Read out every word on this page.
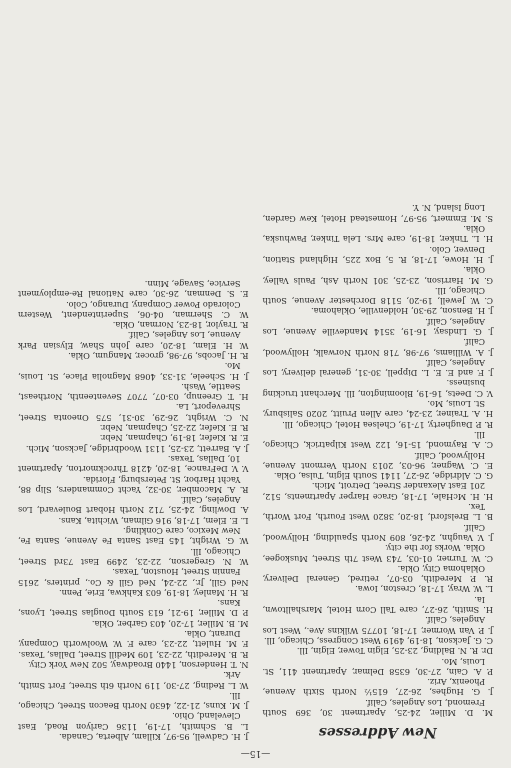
—15—
New Addresses

M. D. Miller, 24-25, Apartment 30, 369 South Fremond, Los Angeles, Calif.

J. G. Hughes, 26-27, 615½ North Sixth Avenue, Phoenix, Ariz.

P. A. Cain, 27-30, 6358 Delmar, Apartment 411, St. Louis, Mo.

Dr. R. N. Balding, 23-25, Elgin Tower, Elgin, Ill.

C. G. Jackson, 18-19, 4919 West Congress, Chicago, Ill.

J. P. Van Wormer, 17-18, 10775 Wilkins Ave., West Los Angeles, Calif.

H. Smith, 26-27, care Tall Corn Hotel, Marshalltown, Ia.

L. W. Wray, 17-18, Creston, Iowa.

R. P. Meredith, 03-07, retired, General Delivery, Oklahoma City, Okla.

C. W. Turner, 01-03, 743 West 7th Street, Muskogee, Okla. Works for the city.

J. V. Vaughn, 24-26, 809 North Spaulding, Hollywood, Calif.

B. L. Brelsford, 18-20, 3820 West Fourth, Fort Worth, Tex.

H. H. McHale, 17-18, Grace Harper Apartments, 512, 201 East Alexander Street, Detroit, Mich.

G. C. Aldridge, 26-27, 1141 South Elgin, Tulsa, Okla.

E. C. Wagner, 96-03, 2013 North Vermont Avenue, Hollywood, Calif.

C. A. Raymond, 15-16, 122 West Kilpatrick, Chicago, Ill.

R. P. Daugherty, 17-19, Chelsea Hotel, Chicago, Ill.

H. A. Trainer, 23-24, care Allen Pruitt, 2020 Salisbury, St. Louis, Mo.

V. C. Deets, 16-19, Bloomington, Ill. Merchant trucking business.

J. F. and E. E. L. Dippell, 30-31, general delivery, Los Angeles, Calif.

J. A. Williams, 97-98, 718 North Norwalk, Hollywood, Calif.

J. G. Lindsay, 16-19, 3514 Mandeville Avenue, Los Angeles, Calif.

J. H. Benson, 29-30, Holdenville, Oklahoma.

C. W. Jewell, 19-20, 5118 Dorchester Avenue, South Chicago, Ill.

G. M. Harrison, 23-25, 301 North Ash, Pauls Valley, Okla.

J. H. Howe, 17-18, R. 5, Box 225, Highland Station, Denver, Colo.

H. L. Tinker, 18-19, care Mrs. Lela Tinker, Pawhuska, Okla.

S. M. Emmert, 95-97, Homestead Hotel, Kew Garden, Long Island, N. Y.

J. H. Cadwell, 95-97, Killam, Alberta, Canada.

L. B. Schmith, 17-19, 1136 Carlyon Road, East Cleveland, Ohio.

J. M. Kuns, 21-22, 4630 North Beacon Street, Chicago, Ill.

W. L. Reding, 27-30, 119 North 6th Street, Fort Smith, Ark.

N. T. Henderson, 1440 Broadway, 502 New York City.

R. B. Meredith, 22-23, 109 Medill Street, Dallas, Texas.

F. M. Hulett, 22-23, care F. W. Woolworth Company, Durant, Okla.

M. B. Miller, 17-20, 403 Garber, Okla.

P. D. Miller, 19-21, 613 South Douglas Street, Lyons, Kans.

R. H. Manley, 18-19, 603 Kahkwa, Erie, Penn.

Ned Gill, Jr., 22-24, Ned Gill & Co., printers, 2615 Fannin Street, Houston, Texas.

W. N. Gregerson, 22-23, 2499 East 73rd Street, Chicago, Ill.

W. G. Wright, 145 East Santa Fe Avenue, Santa Fe, New Mexico, care Conkling.

L. E. Elem, 17-18, 916 Gilman, Wichita, Kans.

A. Dowling, 24-25, 712 North Hobart Boulevard, Los Angeles, Calif.

R. A. Macomber, 30-32, Yacht Commanders, Slip 88, Yacht Harbor, St. Petersburg, Florida.

V. V. DeFrance, 18-20, 4218 Throckmorton, Apartment 10, Dallas, Texas.

J. A. Barrett, 23-25, 1131 Woodbridge, Jackson, Mich.

E. R. Kiefer, 18-19, Chapman, Nebr.

R. E. Kiefer, 22-25, Chapman, Nebr.

N. C. Wright, 26-29, 30-31, 575 Oneonta Street, Shreveport, La.

H. T. Greenup, 03-07, 7707 Seventeenth, Northeast, Seattle, Wash.

J. H. Scheele, 31-33, 4068 Magnolia Place, St. Louis, Mo.

R. H. Jacobs, 97-98, grocer, Mangum, Okla.

W. H. Elam, 18-20, care John Shaw, Elysian Park Avenue, Los Angeles, Calif.

R. Traylor, 18-23, Norman, Okla.

W. C. Sherman, 04-06, Superintendent, Western Colorado Power Company, Durango, Colo.

E. S. Denman, 26-30, care National Re-employment Service, Savage, Minn.
